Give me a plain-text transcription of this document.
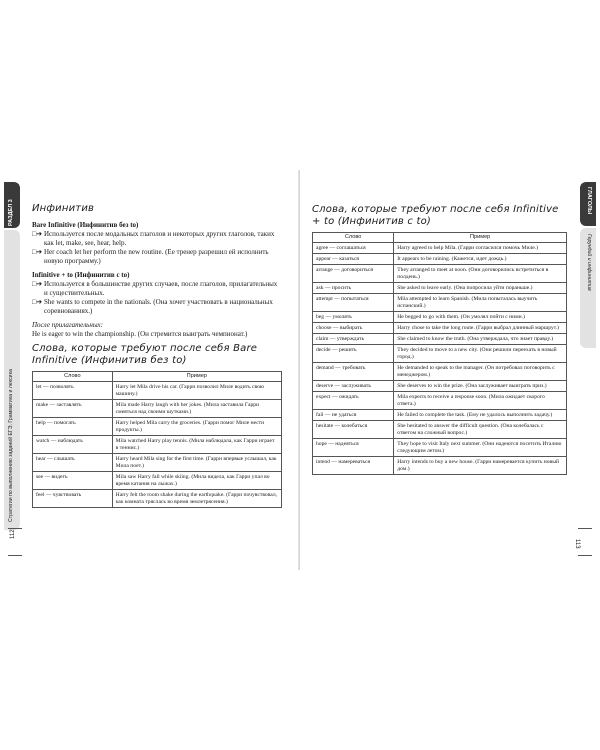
РАЗДЕЛ 3
Стратегии по выполнению заданий ЕГЭ. Грамматика и лексика
Инфинитив

Bare Infinitive (Инфинитив без to)

□➔ Используется после модальных глаголов и некоторых других глаголов, таких как let, make, see, hear, help.
□➔ Her coach let her perform the new routine. (Ее тренер разрешил ей исполнить новую программу.)

Infinitive + to (Инфинитив с to)

□➔ Используется в большинстве других случаев, после глаголов, прилагательных и существительных.
□➔ She wants to compete in the nationals. (Она хочет участвовать в национальных соревнованиях.)

После прилагательных:

He is eager to win the championship. (Он стремится выиграть чемпионат.)

Слова, которые требуют после себя Bare Infinitive (Инфинитив без to)
Слово	Пример
let — позволять	Harry let Mila drive his car. (Гарри позволил Миле водить свою машину.)
make — заставлять	Mila made Harry laugh with her jokes. (Мила заставила Гарри смеяться над своими шутками.)
help — помогать	Harry helped Mila carry the groceries. (Гарри помог Миле нести продукты.)
watch — наблюдать	Mila watched Harry play tennis. (Мила наблюдала, как Гарри играет в теннис.)
hear — слышать	Harry heard Mila sing for the first time. (Гарри впервые услышал, как Мила поет.)
see — видеть	Mila saw Harry fall while skiing. (Мила видела, как Гарри упал во время катания на лыжах.)
feel — чувствовать	Harry felt the room shake during the earthquake. (Гарри почувствовал, как комната тряслась во время землетрясения.)
112
ГЛАГОЛЫ
Герундий и инфинитив
Слова, которые требуют после себя Infinitive + to (Инфинитив с to)
Слово	Пример
agree — соглашаться	Harry agreed to help Mila. (Гарри согласился помочь Миле.)
appear — казаться	It appears to be raining. (Кажется, идет дождь.)
arrange — договориться	They arranged to meet at noon. (Они договорились встретиться в полдень.)
ask — просить	She asked to leave early. (Она попросила уйти пораньше.)
attempt — попытаться	Mila attempted to learn Spanish. (Мила попыталась выучить испанский.)
beg — умолять	He begged to go with them. (Он умолял пойти с ними.)
choose — выбирать	Harry chose to take the long route. (Гарри выбрал длинный маршрут.)
claim — утверждать	She claimed to know the truth. (Она утверждала, что знает правду.)
decide — решить	They decided to move to a new city. (Они решили переехать в новый город.)
demand — требовать	He demanded to speak to the manager. (Он потребовал поговорить с менеджером.)
deserve — заслуживать	She deserves to win the prize. (Она заслуживает выиграть приз.)
expect — ожидать	Mila expects to receive a response soon. (Мила ожидает скорого ответа.)
fail — не удаться	He failed to complete the task. (Ему не удалось выполнить задачу.)
hesitate — колебаться	She hesitated to answer the difficult question. (Она колебалась с ответом на сложный вопрос.)
hope — надеяться	They hope to visit Italy next summer. (Они надеются посетить Италию следующим летом.)
intend — намереваться	Harry intends to buy a new house. (Гарри намеревается купить новый дом.)
113
